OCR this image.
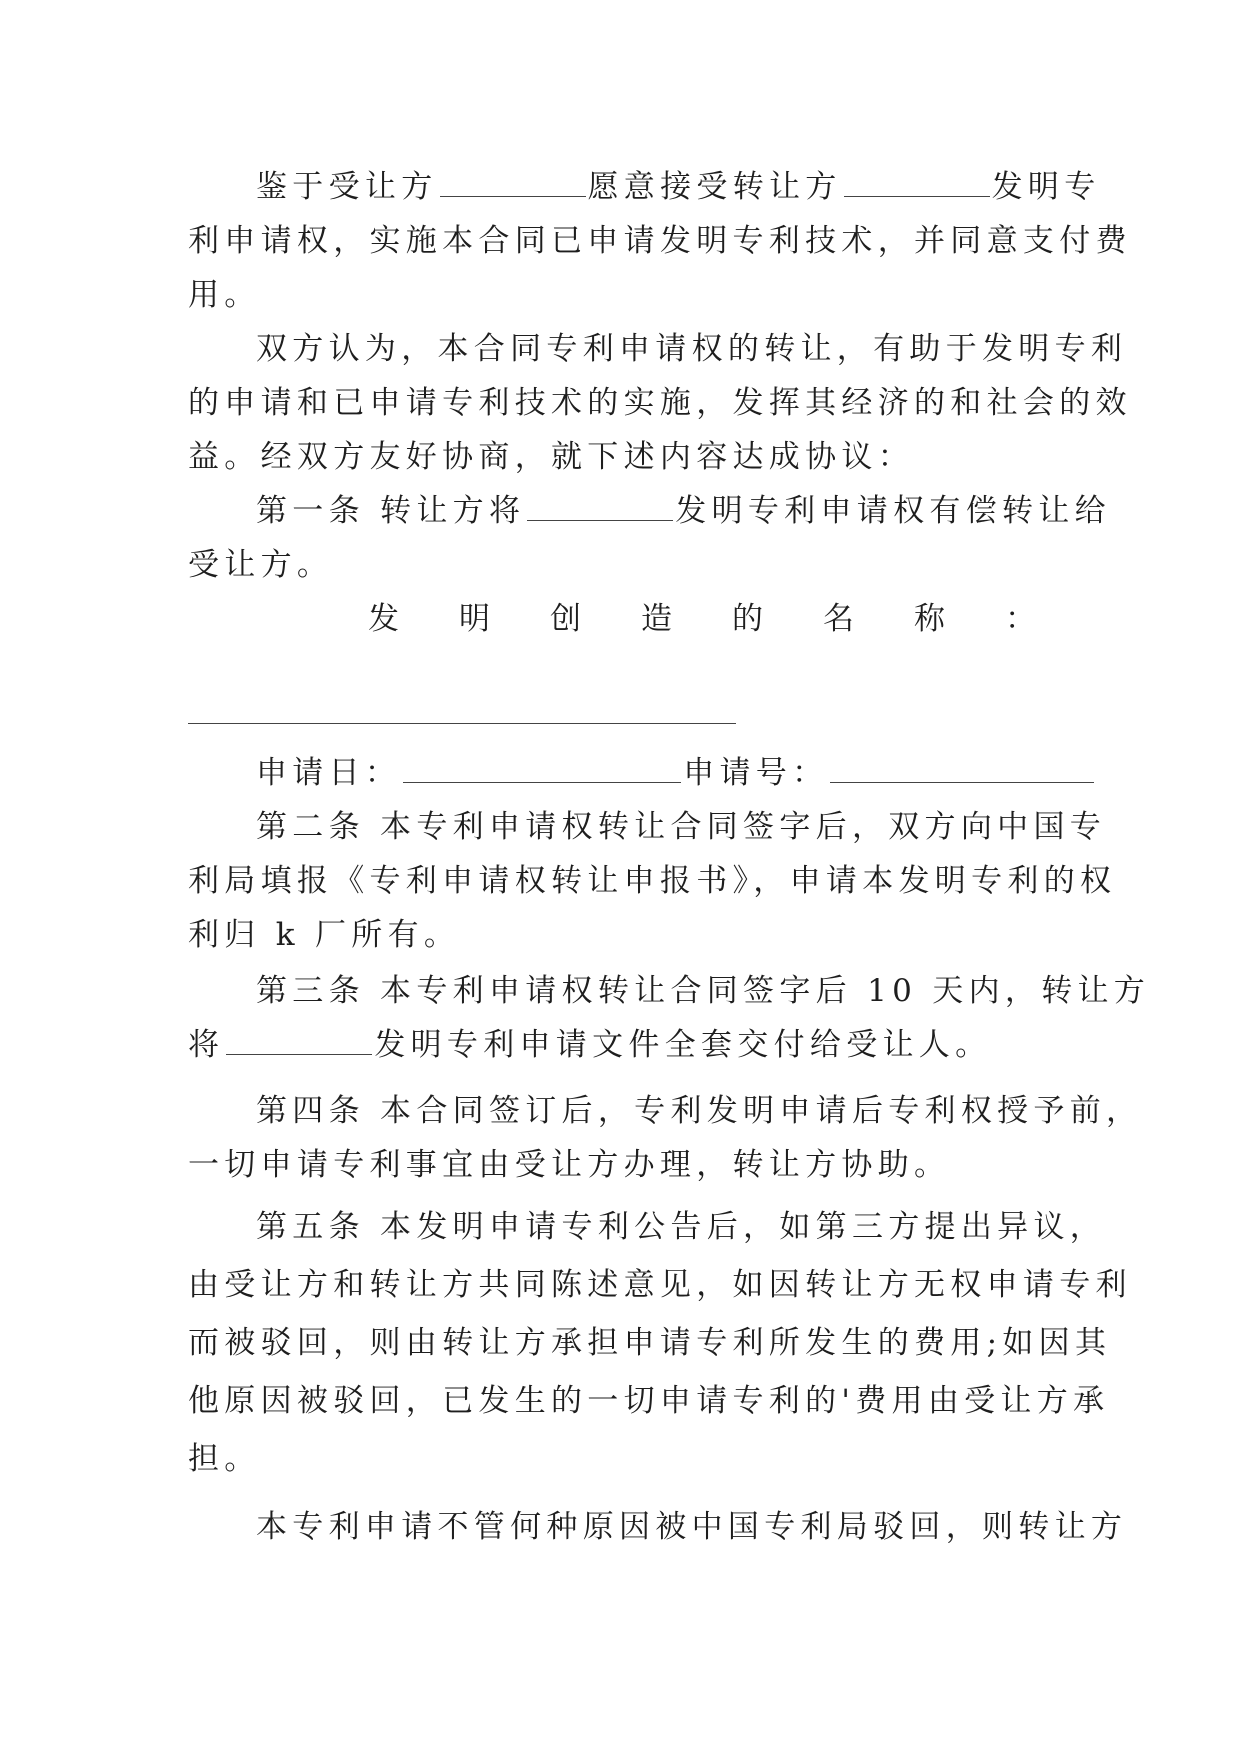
鉴于受让方	愿意接受转让方	发明专
利申请权，实施本合同已申请发明专利技术，并同意支付费
用。
双方认为，本合同专利申请权的转让，有助于发明专利
的申请和已申请专利技术的实施，发挥其经济的和社会的效
益。经双方友好协商，就下述内容达成协议：
第一条 转让方将	发明专利申请权有偿转让给
受让方。
发 明 创 造 的 名 称 ：
申请日：	申请号：
第二条 本专利申请权转让合同签字后，双方向中国专
利局填报《专利申请权转让申报书》，申请本发明专利的权
利归 k 厂所有。
第三条 本专利申请权转让合同签字后 10 天内，转让方
将	发明专利申请文件全套交付给受让人。
第四条 本合同签订后，专利发明申请后专利权授予前，
一切申请专利事宜由受让方办理，转让方协助。
第五条 本发明申请专利公告后，如第三方提出异议，
由受让方和转让方共同陈述意见，如因转让方无权申请专利
而被驳回，则由转让方承担申请专利所发生的费用;如因其
他原因被驳回，已发生的一切申请专利的'费用由受让方承
担。
本专利申请不管何种原因被中国专利局驳回，则转让方
